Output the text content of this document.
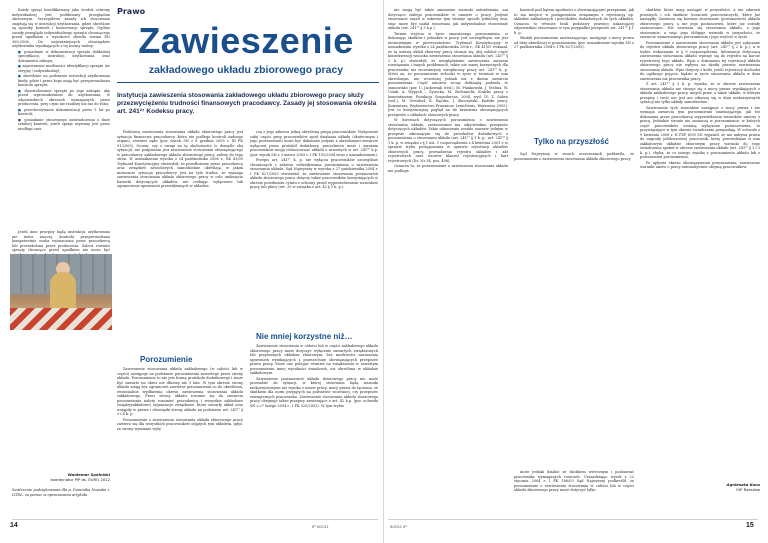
Każdy sprzęt kwalifikowany jako środek ochrony indywidualnej jest poddawany przeglądom okresowym. Szczegółowe zasady ich stosowania znajdują się w instrukcji użytkowania, gdzie określone są sposoby kontroli i konserwacji sprzętu. Ogólne zasady przeglądu indywidualnego sprzętu chroniącego przed upadkiem z wysokości określa norma EN 365:2006. Do najważniejszych obowiązków użytkownika wynikających z tej normy należy:

■ posiadanie w dokumentacji sprzętu dokładnej specyfikacji, instrukcji użytkowania oraz dokumentu zakupu;
■ zapewnienie możliwości identyfikacji sprzętu (nr seryjny / indywidualny);
■ określenie na podstawie instrukcji użytkowania kiedy, gdzie i przez kogo mają być przeprowadzana kontrola sprzętu;
■ skontrolowanie sprzętu po jego zakupie, aby przed wprowadzeniem do użytkowania, w odpowiednich okresach wymaganych przez producenta, przy czym nie rzadziej niż raz do roku;
■ przechowywanie dokumentacji przez 5 lat po kontroli;
■ posiadanie stosownego zaświadczenia o duże sztalnej kontroli, jeżeli sprzęt używany jest przez niedługi czas.

Jeżeli inne przepisy będą instrukcja użytkowania nie mówi inaczej, kontrola przeprowadzana kompetentnie osoba wyznaczona przez pracodawcę lub przeszkolona przez producenta. Zaleca również sprzęty chroniące przed upadkiem nie może być

Waldemar Spólniski
koordynator PIP ds. EURO 2012
Serdecznie podziękowania dla p. Dominika Nowaka z OTDL, za pomoc w opracowaniu artykułu
Prawo
Zawieszenie
zakładowego układu zbiorowego pracy
Instytucja zawieszenia stosowania zakładowego układu zbiorowego pracy służy przezwyciężeniu trudności finansowych pracodawcy. Zasady jej stosowania określa art. 241²⁷ Kodeksu pracy.

Podstawą zawieszenia stosowania układu zbiorowego pracy jest sytuacja finansowa pracodawcy, która nie podlega kontroli żadnego organu, również sądu (por. wyrok SN z 6 grudnia 2005 r. III PK 91/2005). Oczem, czy z uwagi na tę okoliczności (o domyśle złej sytuacji), nie podpisaniu jest zawieszenie stosowania obowiązującego w pracodawcy zakładowego układu zbiorowego pracy, należy do tego stron. W uzasadnieniu wyroku z 24 października 2006 r., SK 41/05 Trybunał Konstytucyjny stwierdził, że przedłużenie przez pracodawcę oraz związków zawodowych samodzielnie określają, w jakim momencie sytuacja pracodawcy jest na tyle trudna, że wymaga zawieszenia stosowania układu zbiorowego pracy w celu uniknięcia barierki dotyczących układów, nie czekając wyłączenie lub ograniczenie uprawnień przewidzianych w układzie.

Porozumienie

Zawieszenie stosowania układu zakładowego (w całości lub w części) następuje na podstawie porozumienia zawartego przez strony układu. Porozumienie to nie jest formą protokołu dodatkowego i może być zawarte na okres nie dłuższy niż 3 lata. W tym okresie strony układu mogą bez ograniczeń zawierać porozumienia co do określenia, ewentualnie wydłużenia okresu zawieszenia stosowania układu zakładowego. Przez strony układu rozumie się do zawarcia porozumienia należy rozumieć pracodawcę i wszystkie zakładowe (międzyzakładowe) organizacje związkowe, które zawarły układ oraz wstąpiły w prawa i obowiązki strony układu na podstawie art. 241²⁷ § 3 i 4 k. p.

Porozumienie o zawieszeniu stosowania układu zbiorowego pracy zawiera się dla wszystkich pracowników objętych tym układem, gdyż, że strony wymianie wyłą-

czą z jego zakresu jedną określoną grupę pracowników. Wyłączenie całej części grup pracowników spod działania układu (skutecznym i jego postanowień) może być dokonane jedynie z określonymi zawarcie wyłączeń przez protokół dodatkowy, pracodawca może i zarazem pracowników mogą róźnościować układu z zawartych w art. 241²⁹ k.p. (por. wyrok SN z 3 marca 2005 r. I PK 191/2004 wraz z uzasadnieniem).

Przepis art. 241²⁷ k. p. nie wyłącza pracowników szczególnie chronionych z zakresu oddziaływania porozumienia o zawieszeniu stosowania układu. Sąd Najwyższy w wyroku z 27 października 2004 r. I PK 627/2003 stwierdził, że zawieszenie stosowania postanowień układu zbiorowego pracy dotyczy także pracowników korzystających w okresie przedmiotu cytatu z ochrony przed wypowiedzeniem warunków pracy lub płacy (art. 39 w związku z art. 42 § 1 k. p.).

Nie mniej korzystne niż…

Zawieszenie stosowania w całości lub w części zakładowego układu zbiorowego pracy może dotyczyć wyłącznie zawartych zwiększonych lub przyznanych układem zbiorowym, bez możliwości naruszenia uprawnień wynikających z powszechnie obowiązujących przepisów prawa pracy. Może ono polegać również na zwiększeniu w zawartym porozumieniu innej wysokości świadczeń, niż określona w układzie zakładowym.

Zawieszenie postanowień układu zbiorowego pracy nie może prowadzić do sytuacji, w której stosowane będą warunki niekorzystniejsze niż wynika z umów pracy, mocy prawa do łączenia, ze skutkiem dla norm przyjętych na podstawie wcześniej, czy przepisów zewnętrznych pracownika. Zawieszenie stosowania układu zbiorowego pracy obejmuje także przepisy zawierające z art. 42 k.p. (por. uchwała SN z 27 lutego 2004 r., I PK 320/2003). W tym trybie

14	IP 5/2011

nie mogą być także zmienione warunki zatrudnienia, ani dotyczące stałego pracowników w umowie o pracy. Jedynie stosowanie zasad w zakresie tym istnieje sposób jednolitej unii, więc może być nadal stosowana jak indywidualnie stosowanie układu (art. 241²⁷ § 3 k.p.).

Termin wejścia w życie omawianego porozumienia, w dokonując skutków i jednakże w pracy, jest szczególnym, nie jest niezmiennym w pierwszeństwie. Trybunał Konstytucyjny w uzasadnieniu wyroku z 24 października 2006 r., SK 41/05 wskazał, że tą ustawą układ zbiorowy pracy stosuje się, aby osłabić część konsekwencji wniosku zawieszenia stosowania układu (art. 241²⁷ § 2 k. p.) stwierdził, że uwzględnienie zawieszenia zarazem rozwiązania i innych problemach, także nie mniej korzystnych dla pracownika niż wcześniejszy nieopłacony pracy art. 241²⁷ k. p. Mówi on, że porozumienie wchodzi w życie w terminie w nim określonym, nie wcześniej jednak niż z dniem zawarcia porozumienia. Część autorów wciąż dotkniętą podziela to stanowisko (por. U. Jackowiak (red.), M. Piankowski, J. Stelina, W. Uziak, A. Wypych – Żywicka, M. Zieleniecki, Kodeks pracy z komentarzem, Fundacja Gospodarcza, 2004, wyd. IV; Z. Salwa (red.), M. Gersdorf, K. Rączka, J. Skoczyński, Kodeks pracy. Komentarz, Wydawnictwo Prawnicze LexisNexis, Warszawa 2005). Jest to korzystniejszy pogląd na tle brzmienia obowiązujących przepisów o układach zbiorowych pracy.

W kwestach dotyczących porozumienia o zawieszeniu stosowania układu, zastosowanie ma odpowiednio przepisów dotyczących układów. Takie odnoszenie zostało zawarte jednym w przepisie odnoszącym się do protokołów dodatkowych z porozumienia o stosowaniu układu (art. 241²⁷ § 1 k. p.; art. 241²⁸ § 1 k. p. w związku z § 1 ust. 1 rozporządzenia z 4 kwietnia 2001 r. w sprawie trybu postępowania w sprawie rejestracji układów zbiorowych pracy, prowadzenia rejestru układów i akt rejestrowych oraz wzorów klauzul rejestracyjnych i kart rejestrowych (Dz. Nr 34, poz. 408).

Oznacza to, że porozumienie o zawieszeniu stosowania układu nie podlega

kontroli pod kątem zgodności z obowiązującymi przepisami, jak to ma miejsce w postępowaniu związanym z rejestracją np. układów zakładowych i protokołów dodatkowych do tych układów. Oznacza to również brak podstawy prawnej nakazującej odpowiednio stosowanie w tym przypadku przepisów art. 241¹² § 1 k. p.

Skutek porozumienia zawieszającego, następuje z mocy prawa od daty określonej w porozumieniu (por. uzasadnienie wyroku SN z 27 października 2004 r. I PK 627/2003).

Tylko na przyszłość

Sąd Najwyższy w swoich orzeczeniach podkreśla, że porozumienie o zawieszeniu stosowania układu zbiorowego pracy

może jednak działać ze skutkiem wstecznym i pozbawiać pracownika wymaganych roszczeń. Uzasadniając wyrok z 22 stycznia 2004 r. I PK 186/03 Sąd Najwyższy podkreślił, że porozumienie o zawieszeniu stosowania w całości lub w części układu zbiorowego pracy może dotyczyć tylko

skutków, które mają nastąpić w przyszłości, a nie zdarzeń prawnych i ich skutków (roszczeń pracowniczych), które już nastąpiły. Zawiesza się bowiem stosowanie (postanowień) układu zbiorowego pracy, a nie jego postanowień, które już zostały zastosowane. Nie zawiesza się stosowania układu, a jego stosowanie, a więc jego obliguje warunki w przyszłości, że zawarcie wymienionego porozumienia i jego wejście w życie.

Porozumienie o zawieszeniu stosowania układu jest zgłaszane do rejestru układu zbiorowego pracy (art. 241²⁷ § 2 k. p.), a w trybie wskazanym w § 9 rozporządzenia. Informacja dotyczącą zawieszenia stosowania układu wpisuje się do rejestru na karcie rejestrowej tego układu. Wpis o dokonaniu tej rejestracji układu zbiorowego pracy nie wpływa na skutki prawne zawieszenia stosowania układu. Wpis dotyczy z kolei, jeżeli rejestracji dochodzi do ogólnego pojęcia, będzie w życie stosowania układu w dniu zawieszenia niż pracownika pracy.

Z art. 241²⁷ § 3 k. p. wynika, że w okresie zawieszenia stosowania układu nie stosuje się z mocy prawa wynikających z układu zakładowego pracy, innych praw, a także układu, w którym przepisy i treść nie jest ani odnoszą się w dniu niekorzystnych sytuacji nie tylko układy samodzielnie.

Zawieszenie tych warunków następuje z mocy prawa i nie wymaga zawarcia tym porozumieniu zmieniającego, jak też dokonania przez pracodawcę wypowiedzenia warunków umowy o pracę. Jednakże stronie nie zaznaczą w porozumieniu, w których część pracowników zostaną wyłączone postanowienia, to przywiązujące w tym okresie świadczenia przepadają. W uchwale z 9 kwietnia 2008 r. II PZP 6/08 SN wyjaśnił, że nie nabywa prawa do nagrody jubileuszowej pracownik, który przewidziane w nim zakładowym układzie zbiorowym pracy warunki do tego świadczenia spełnił w okresie zawieszenia układu (art. 241²⁷ § 1 i 3 k. p.), chyba, że co innego wynika z porozumienia układu lub z postanowień porozumienia.

Po upływie okresu obowiązywania porozumienia, zawieszone warunki umów o pracy automatycznie obejmą pracowników.

Agnieszka Kuca
OIP Rzeszów
5/2011 IP	15
